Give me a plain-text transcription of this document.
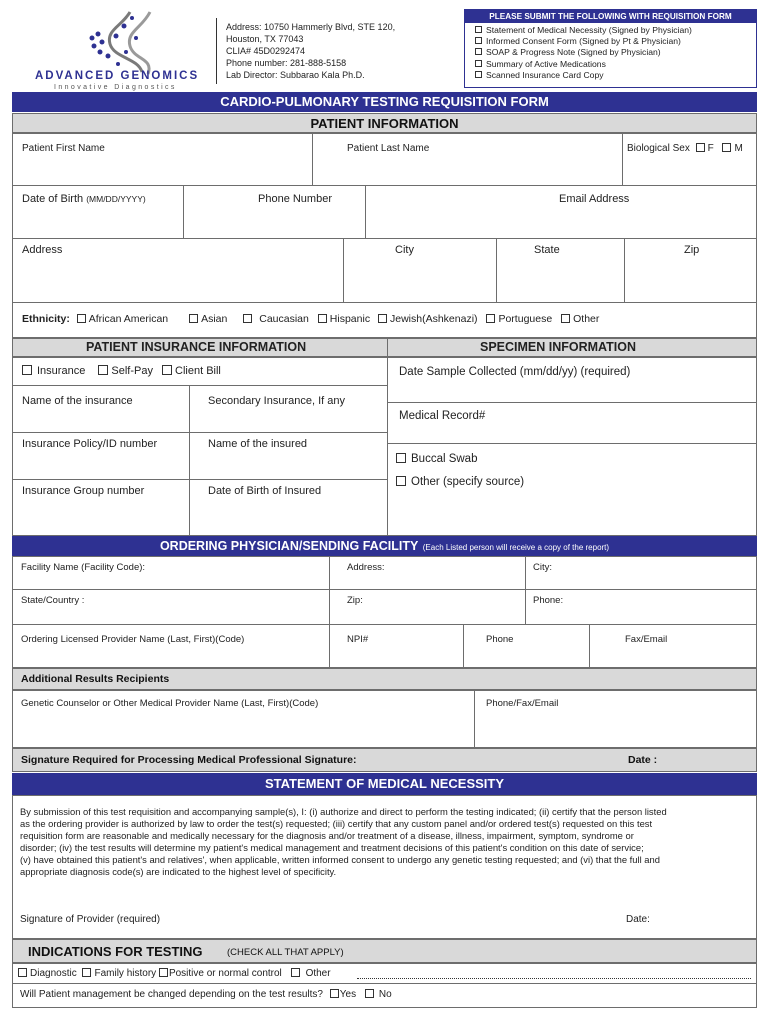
ADVANCED GENOMICS
Innovative Diagnostics
Address: 10750 Hammerly Blvd, STE 120,
Houston, TX 77043
CLIA# 45D0292474
Phone number: 281-888-5158
Lab Director: Subbarao Kala Ph.D.
PLEASE SUBMIT THE FOLLOWING WITH REQUISITION FORM
Statement of Medical Necessity (Signed by Physician)
Informed Consent Form (Signed by Pt & Physician)
SOAP & Progress Note (Signed by Physician)
Summary of Active Medications
Scanned Insurance Card Copy
CARDIO-PULMONARY TESTING REQUISITION FORM
PATIENT INFORMATION
Patient First Name	Patient Last Name	Biological Sex F M
Date of Birth (MM/DD/YYYY)	Phone Number	Email Address
Address	City	State	Zip
Ethnicity: African American	Asian	Caucasian Hispanic Jewish(Ashkenazi) Portuguese Other
PATIENT INSURANCE INFORMATION	SPECIMEN INFORMATION
Insurance Self-Pay Client Bill
Name of the insurance	Secondary Insurance, If any
Insurance Policy/ID number	Name of the insured
Insurance Group number	Date of Birth of Insured
Date Sample Collected (mm/dd/yy) (required)
Medical Record#
Buccal Swab
Other (specify source)
ORDERING PHYSICIAN/SENDING FACILITY (Each Listed person will receive a copy of the report)
Facility Name (Facility Code):	Address:	City:
State/Country :	Zip:	Phone:
Ordering Licensed Provider Name (Last, First)(Code)	NPI#	Phone	Fax/Email
Additional Results Recipients
Genetic Counselor or Other Medical Provider Name (Last, First)(Code)	Phone/Fax/Email
Signature Required for Processing Medical Professional Signature:	Date :
STATEMENT OF MEDICAL NECESSITY
By submission of this test requisition and accompanying sample(s), I: (i) authorize and direct to perform the testing indicated; (ii) certify that the person listed
as the ordering provider is authorized by law to order the test(s) requested; (iii) certify that any custom panel and/or ordered test(s) requested on this test
requisition form are reasonable and medically necessary for the diagnosis and/or treatment of a disease, illness, impairment, symptom, syndrome or
disorder; (iv) the test results will determine my patient's medical management and treatment decisions of this patient's condition on this date of service;
(v) have obtained this patient's and relatives', when applicable, written informed consent to undergo any genetic testing requested; and (vi) that the full and
appropriate diagnosis code(s) are indicated to the highest level of specificity.
Signature of Provider (required)	Date:
INDICATIONS FOR TESTING	(CHECK ALL THAT APPLY)
Diagnostic Family history Positive or normal control Other
Will Patient management be changed depending on the test results? Yes No
